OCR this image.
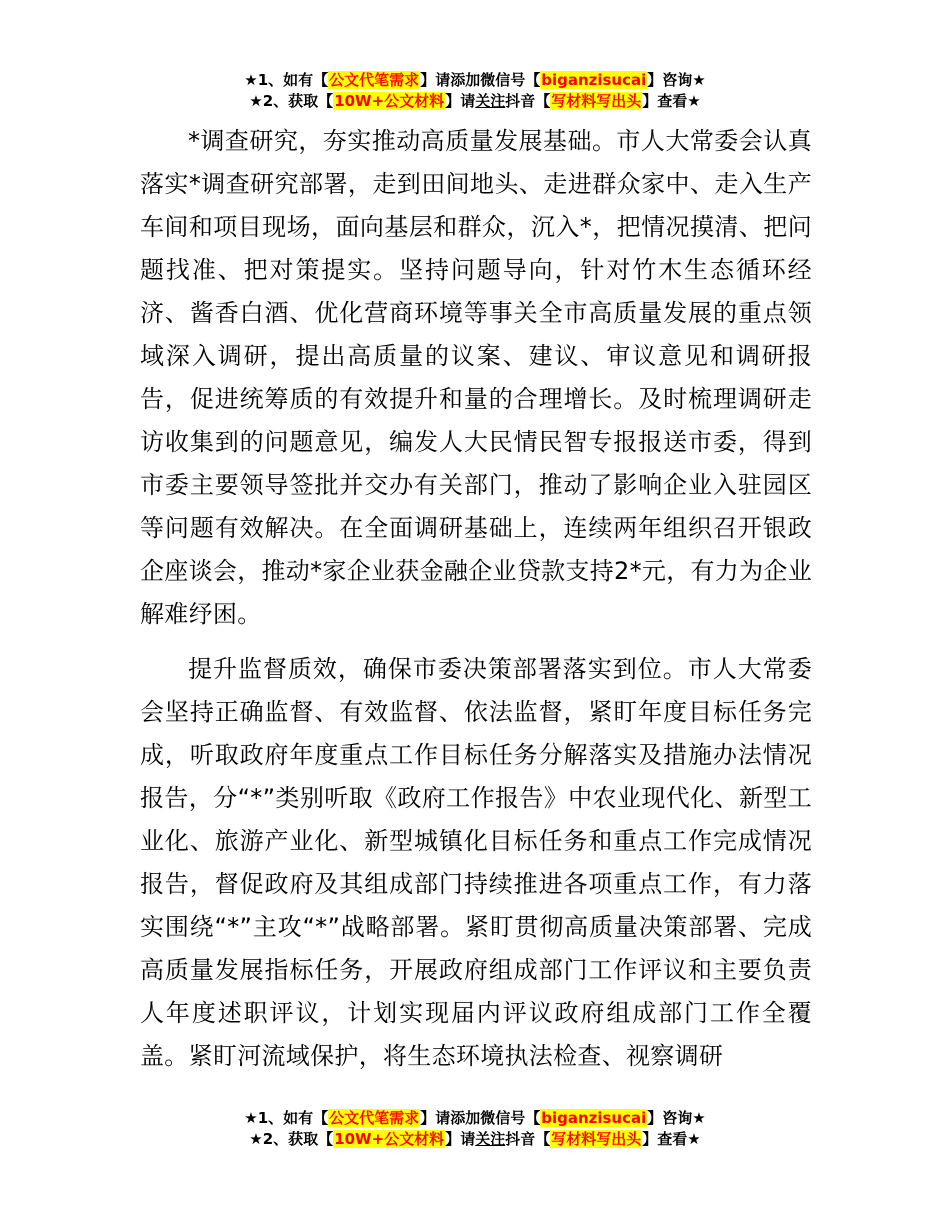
★1、如有【公文代笔需求】请添加微信号【biganzisucai】咨询★
★2、获取【10W+公文材料】请关注抖音【写材料写出头】查看★

*调查研究，夯实推动高质量发展基础。市人大常委会认真落实*调查研究部署，走到田间地头、走进群众家中、走入生产车间和项目现场，面向基层和群众，沉入*，把情况摸清、把问题找准、把对策提实。坚持问题导向，针对竹木生态循环经济、酱香白酒、优化营商环境等事关全市高质量发展的重点领域深入调研，提出高质量的议案、建议、审议意见和调研报告，促进统筹质的有效提升和量的合理增长。及时梳理调研走访收集到的问题意见，编发人大民情民智专报报送市委，得到市委主要领导签批并交办有关部门，推动了影响企业入驻园区等问题有效解决。在全面调研基础上，连续两年组织召开银政企座谈会，推动*家企业获金融企业贷款支持2*元，有力为企业解难纾困。

提升监督质效，确保市委决策部署落实到位。市人大常委会坚持正确监督、有效监督、依法监督，紧盯年度目标任务完成，听取政府年度重点工作目标任务分解落实及措施办法情况报告，分“*”类别听取《政府工作报告》中农业现代化、新型工业化、旅游产业化、新型城镇化目标任务和重点工作完成情况报告，督促政府及其组成部门持续推进各项重点工作，有力落实围绕“*”主攻“*”战略部署。紧盯贯彻高质量决策部署、完成高质量发展指标任务，开展政府组成部门工作评议和主要负责人年度述职评议，计划实现届内评议政府组成部门工作全覆盖。紧盯河流域保护，将生态环境执法检查、视察调研

★1、如有【公文代笔需求】请添加微信号【biganzisucai】咨询★
★2、获取【10W+公文材料】请关注抖音【写材料写出头】查看★
